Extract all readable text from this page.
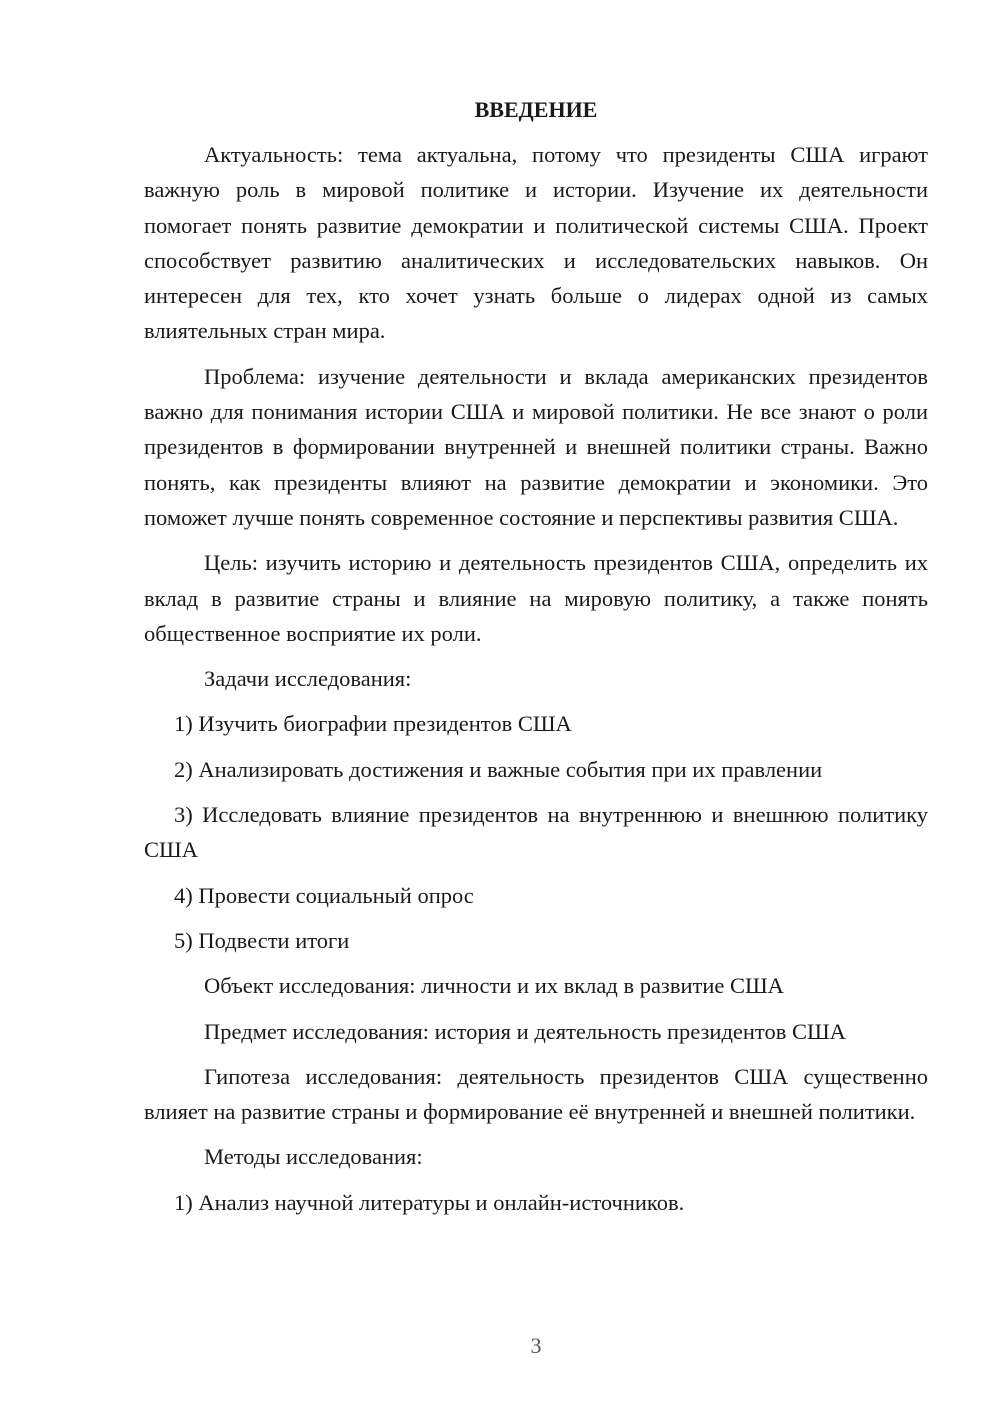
ВВЕДЕНИЕ

Актуальность: тема актуальна, потому что президенты США играют важную роль в мировой политике и истории. Изучение их деятельности помогает понять развитие демократии и политической системы США. Проект способствует развитию аналитических и исследовательских навыков. Он интересен для тех, кто хочет узнать больше о лидерах одной из самых влиятельных стран мира.

Проблема: изучение деятельности и вклада американских президентов важно для понимания истории США и мировой политики. Не все знают о роли президентов в формировании внутренней и внешней политики страны. Важно понять, как президенты влияют на развитие демократии и экономики. Это поможет лучше понять современное состояние и перспективы развития США.

Цель: изучить историю и деятельность президентов США, определить их вклад в развитие страны и влияние на мировую политику, а также понять общественное восприятие их роли.

Задачи исследования:

1) Изучить биографии президентов США

2) Анализировать достижения и важные события при их правлении

3) Исследовать влияние президентов на внутреннюю и внешнюю политику США

4) Провести социальный опрос

5) Подвести итоги

Объект исследования: личности и их вклад в развитие США

Предмет исследования: история и деятельность президентов США

Гипотеза исследования: деятельность президентов США существенно влияет на развитие страны и формирование её внутренней и внешней политики.

Методы исследования:

1) Анализ научной литературы и онлайн-источников.

3
